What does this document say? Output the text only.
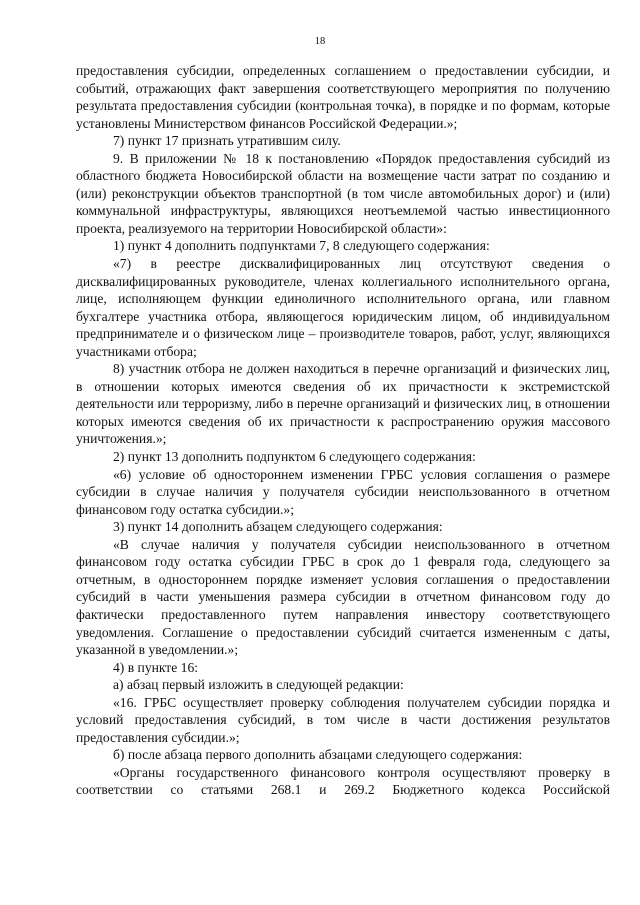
18

предоставления субсидии, определенных соглашением о предоставлении субсидии, и событий, отражающих факт завершения соответствующего мероприятия по получению результата предоставления субсидии (контрольная точка), в порядке и по формам, которые установлены Министерством финансов Российской Федерации.»;

7) пункт 17 признать утратившим силу.

9. В приложении № 18 к постановлению «Порядок предоставления субсидий из областного бюджета Новосибирской области на возмещение части затрат по созданию и (или) реконструкции объектов транспортной (в том числе автомобильных дорог) и (или) коммунальной инфраструктуры, являющихся неотъемлемой частью инвестиционного проекта, реализуемого на территории Новосибирской области»:

1) пункт 4 дополнить подпунктами 7, 8 следующего содержания:

«7) в реестре дисквалифицированных лиц отсутствуют сведения о дисквалифицированных руководителе, членах коллегиального исполнительного органа, лице, исполняющем функции единоличного исполнительного органа, или главном бухгалтере участника отбора, являющегося юридическим лицом, об индивидуальном предпринимателе и о физическом лице – производителе товаров, работ, услуг, являющихся участниками отбора;

8) участник отбора не должен находиться в перечне организаций и физических лиц, в отношении которых имеются сведения об их причастности к экстремистской деятельности или терроризму, либо в перечне организаций и физических лиц, в отношении которых имеются сведения об их причастности к распространению оружия массового уничтожения.»;

2) пункт 13 дополнить подпунктом 6 следующего содержания:

«6) условие об одностороннем изменении ГРБС условия соглашения о размере субсидии в случае наличия у получателя субсидии неиспользованного в отчетном финансовом году остатка субсидии.»;

3) пункт 14 дополнить абзацем следующего содержания:

«В случае наличия у получателя субсидии неиспользованного в отчетном финансовом году остатка субсидии ГРБС в срок до 1 февраля года, следующего за отчетным, в одностороннем порядке изменяет условия соглашения о предоставлении субсидий в части уменьшения размера субсидии в отчетном финансовом году до фактически предоставленного путем направления инвестору соответствующего уведомления. Соглашение о предоставлении субсидий считается измененным с даты, указанной в уведомлении.»;

4) в пункте 16:

а) абзац первый изложить в следующей редакции:

«16. ГРБС осуществляет проверку соблюдения получателем субсидии порядка и условий предоставления субсидий, в том числе в части достижения результатов предоставления субсидии.»;

б) после абзаца первого дополнить абзацами следующего содержания:

«Органы государственного финансового контроля осуществляют проверку в соответствии со статьями 268.1 и 269.2 Бюджетного кодекса Российской
